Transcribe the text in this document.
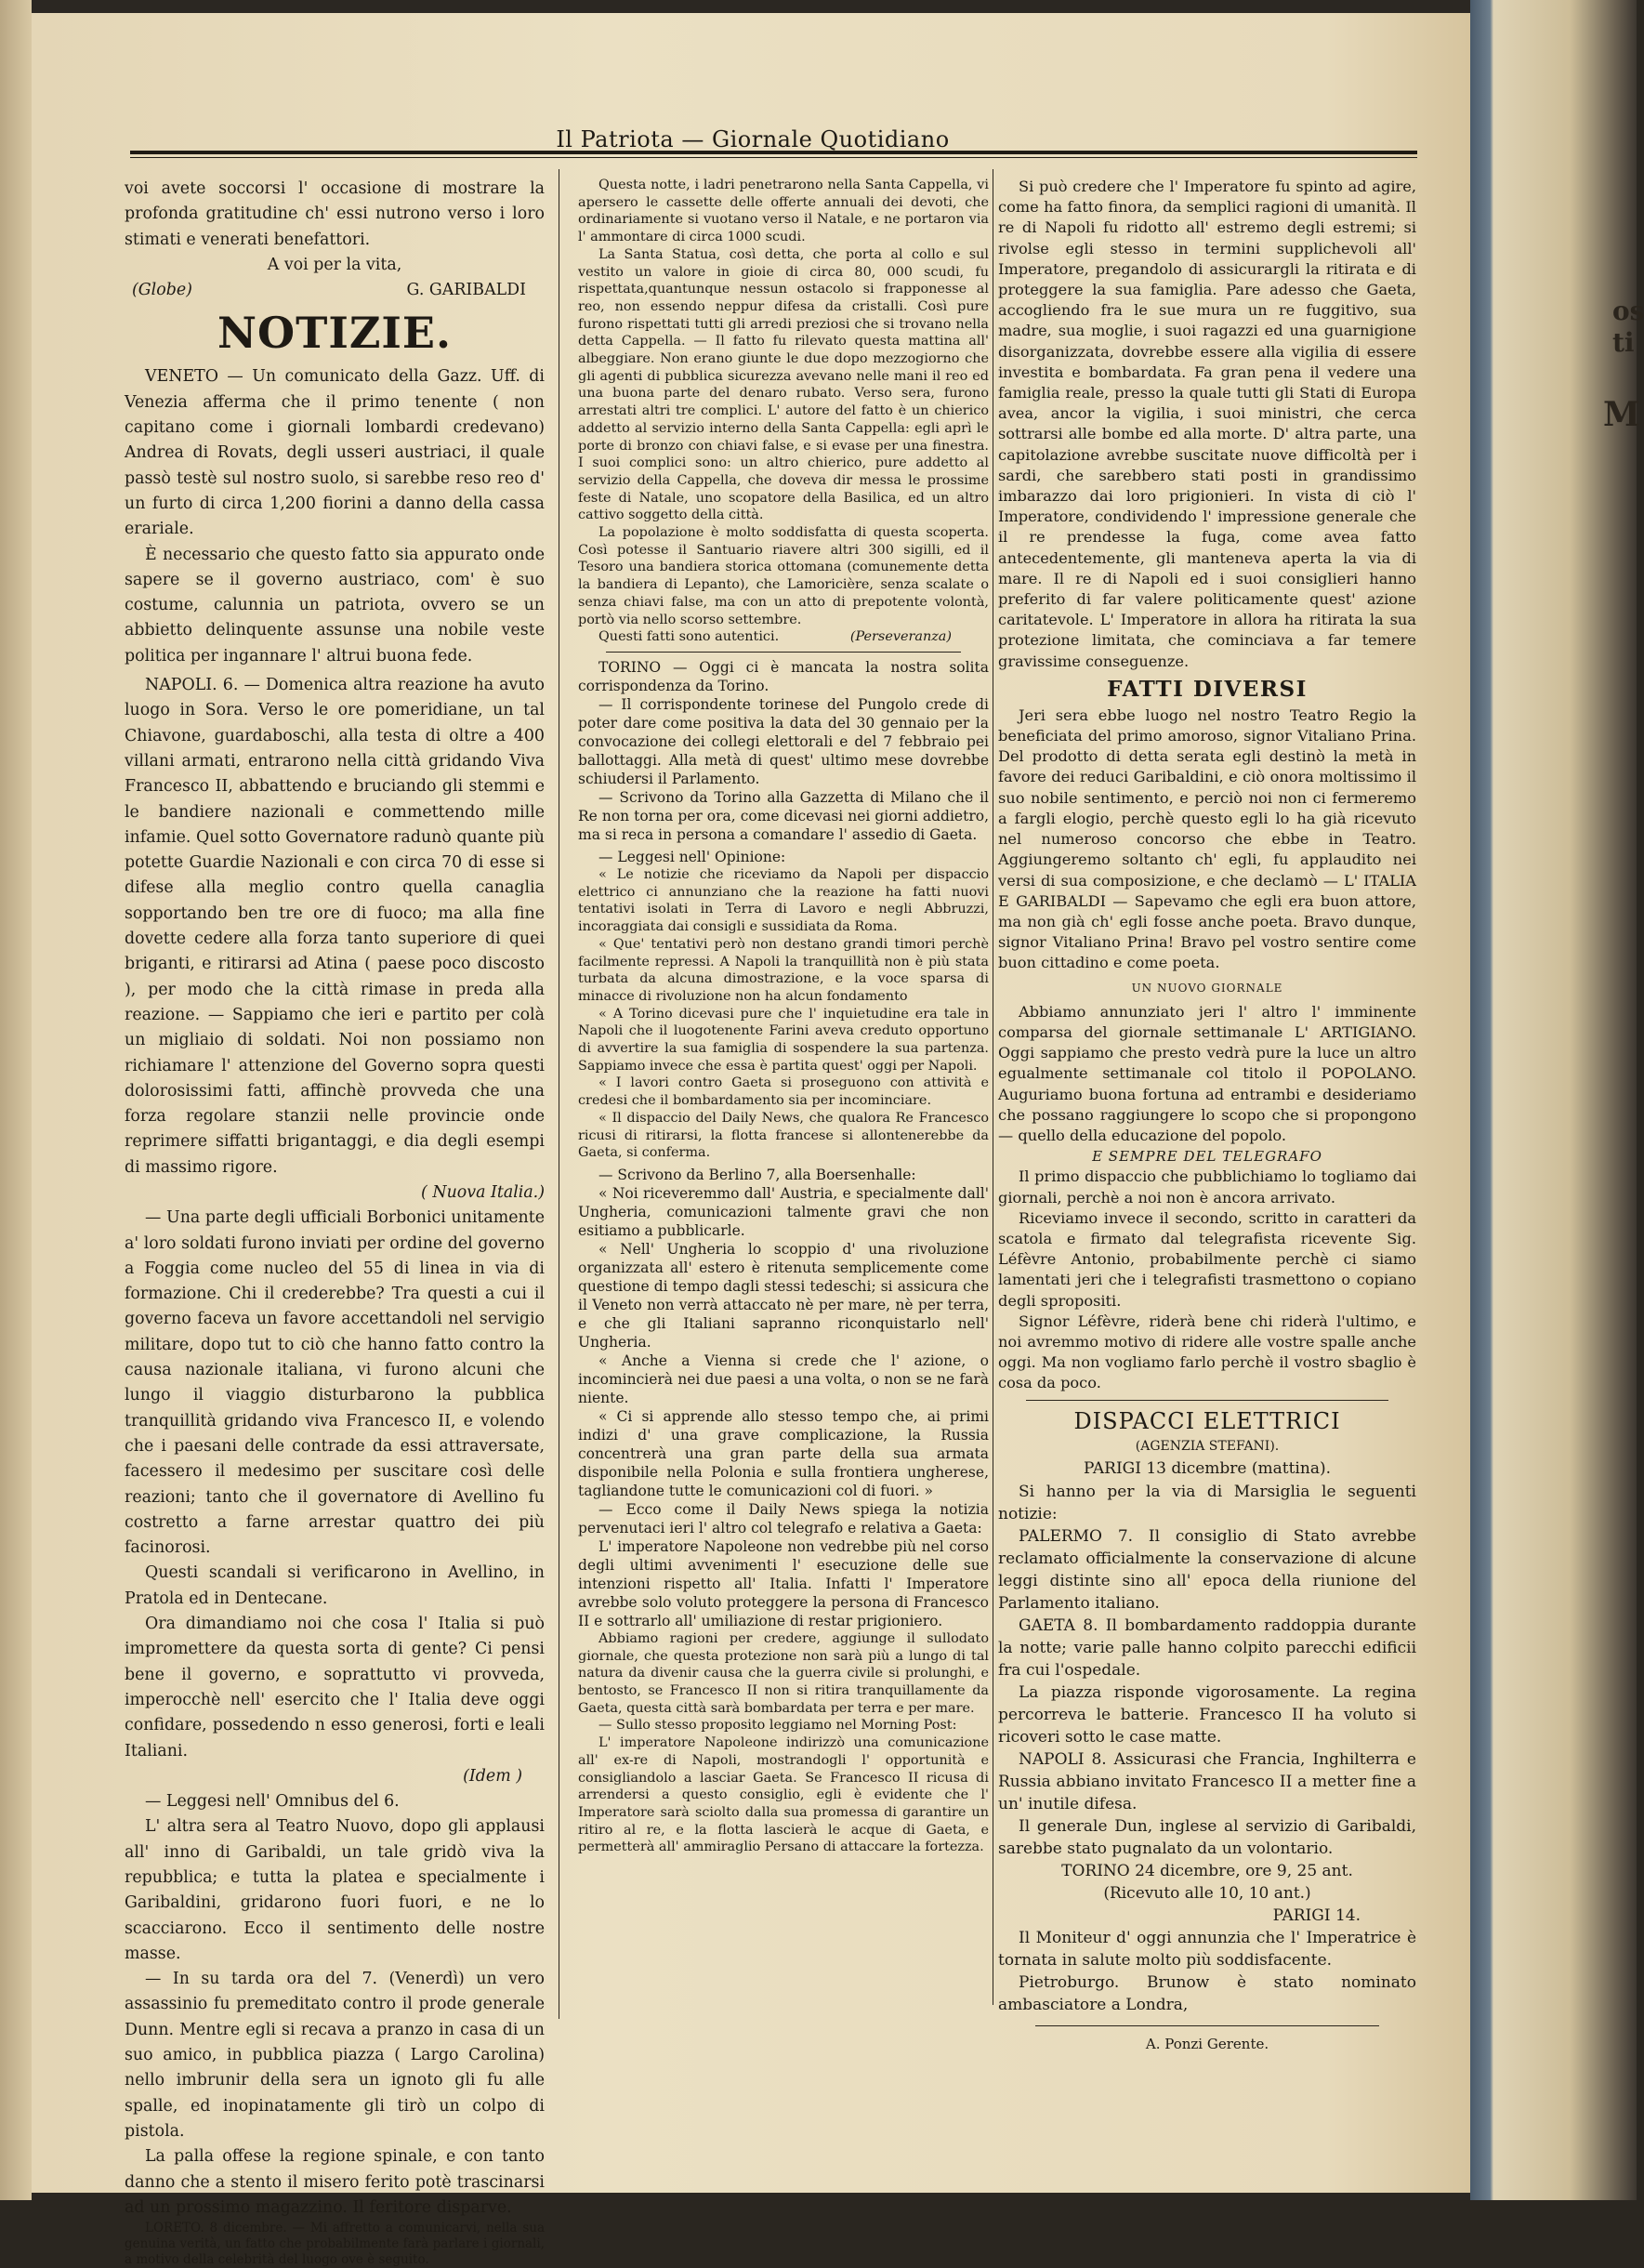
os
ti
M
Il Patriota — Giornale Quotidiano

voi avete soccorsi l' occasione di mostrare la profonda gratitudine ch' essi nutrono verso i loro stimati e venerati benefattori.

A voi per la vita,

(Globe)	G. GARIBALDI

NOTIZIE.

VENETO — Un comunicato della Gazz. Uff. di Venezia afferma che il primo tenente ( non capitano come i giornali lombardi credevano) Andrea di Rovats, degli usseri austriaci, il quale passò testè sul nostro suolo, si sarebbe reso reo d' un furto di circa 1,200 fiorini a danno della cassa erariale.

È necessario che questo fatto sia appurato onde sapere se il governo austriaco, com' è suo costume, calunnia un patriota, ovvero se un abbietto delinquente assunse una nobile veste politica per ingannare l' altrui buona fede.

NAPOLI. 6. — Domenica altra reazione ha avuto luogo in Sora. Verso le ore pomeridiane, un tal Chiavone, guardaboschi, alla testa di oltre a 400 villani armati, entrarono nella città gridando Viva Francesco II, abbattendo e bruciando gli stemmi e le bandiere nazionali e commettendo mille infamie. Quel sotto Governatore radunò quante più potette Guardie Nazionali e con circa 70 di esse si difese alla meglio contro quella canaglia sopportando ben tre ore di fuoco; ma alla fine dovette cedere alla forza tanto superiore di quei briganti, e ritirarsi ad Atina ( paese poco discosto ), per modo che la città rimase in preda alla reazione. — Sappiamo che ieri e partito per colà un migliaio di soldati. Noi non possiamo non richiamare l' attenzione del Governo sopra questi dolorosissimi fatti, affinchè provveda che una forza regolare stanzii nelle provincie onde reprimere siffatti brigantaggi, e dia degli esempi di massimo rigore.

( Nuova Italia.)

— Una parte degli ufficiali Borbonici unitamente a' loro soldati furono inviati per ordine del governo a Foggia come nucleo del 55 di linea in via di formazione. Chi il crederebbe? Tra questi a cui il governo faceva un favore accettandoli nel servigio militare, dopo tut to ciò che hanno fatto contro la causa nazionale italiana, vi furono alcuni che lungo il viaggio disturbarono la pubblica tranquillità gridando viva Francesco II, e volendo che i paesani delle contrade da essi attraversate, facessero il medesimo per suscitare così delle reazioni; tanto che il governatore di Avellino fu costretto a farne arrestar quattro dei più facinorosi.

Questi scandali si verificarono in Avellino, in Pratola ed in Dentecane.

Ora dimandiamo noi che cosa l' Italia si può impromettere da questa sorta di gente? Ci pensi bene il governo, e soprattutto vi provveda, imperocchè nell' esercito che l' Italia deve oggi confidare, possedendo n esso generosi, forti e leali Italiani.

(Idem )

— Leggesi nell' Omnibus del 6.

L' altra sera al Teatro Nuovo, dopo gli applausi all' inno di Garibaldi, un tale gridò viva la repubblica; e tutta la platea e specialmente i Garibaldini, gridarono fuori fuori, e ne lo scacciarono. Ecco il sentimento delle nostre masse.

— In su tarda ora del 7. (Venerdì) un vero assassinio fu premeditato contro il prode generale Dunn. Mentre egli si recava a pranzo in casa di un suo amico, in pubblica piazza ( Largo Carolina) nello imbrunir della sera un ignoto gli fu alle spalle, ed inopinatamente gli tirò un colpo di pistola.

La palla offese la regione spinale, e con tanto danno che a stento il misero ferito potè trascinarsi ad un prossimo magazzino. Il feritore disparve.

LORETO. 8 dicembre. — Mi affretto a comunicarvi, nella sua genuina verità, un fatto che probabilmente farà parlare i giornali, a motivo della celebrità del luogo ove è seguito.

Questa notte, i ladri penetrarono nella Santa Cappella, vi apersero le cassette delle offerte annuali dei devoti, che ordinariamente si vuotano verso il Natale, e ne portaron via l' ammontare di circa 1000 scudi.

La Santa Statua, così detta, che porta al collo e sul vestito un valore in gioie di circa 80, 000 scudi, fu rispettata,quantunque nessun ostacolo si frapponesse al reo, non essendo neppur difesa da cristalli. Così pure furono rispettati tutti gli arredi preziosi che si trovano nella detta Cappella. — Il fatto fu rilevato questa mattina all' albeggiare. Non erano giunte le due dopo mezzogiorno che gli agenti di pubblica sicurezza avevano nelle mani il reo ed una buona parte del denaro rubato. Verso sera, furono arrestati altri tre complici. L' autore del fatto è un chierico addetto al servizio interno della Santa Cappella: egli aprì le porte di bronzo con chiavi false, e si evase per una finestra. I suoi complici sono: un altro chierico, pure addetto al servizio della Cappella, che doveva dir messa le prossime feste di Natale, uno scopatore della Basilica, ed un altro cattivo soggetto della città.

La popolazione è molto soddisfatta di questa scoperta. Così potesse il Santuario riavere altri 300 sigilli, ed il Tesoro una bandiera storica ottomana (comunemente detta la bandiera di Lepanto), che Lamoricière, senza scalate o senza chiavi false, ma con un atto di prepotente volontà, portò via nello scorso settembre.

Questi fatti sono autentici.	(Perseveranza)

TORINO — Oggi ci è mancata la nostra solita corrispondenza da Torino.

— Il corrispondente torinese del Pungolo crede di poter dare come positiva la data del 30 gennaio per la convocazione dei collegi elettorali e del 7 febbraio pei ballottaggi. Alla metà di quest' ultimo mese dovrebbe schiudersi il Parlamento.

— Scrivono da Torino alla Gazzetta di Milano che il Re non torna per ora, come dicevasi nei giorni addietro, ma si reca in persona a comandare l' assedio di Gaeta.

— Leggesi nell' Opinione:

« Le notizie che riceviamo da Napoli per dispaccio elettrico ci annunziano che la reazione ha fatti nuovi tentativi isolati in Terra di Lavoro e negli Abbruzzi, incoraggiata dai consigli e sussidiata da Roma.

« Que' tentativi però non destano grandi timori perchè facilmente repressi. A Napoli la tranquillità non è più stata turbata da alcuna dimostrazione, e la voce sparsa di minacce di rivoluzione non ha alcun fondamento

« A Torino dicevasi pure che l' inquietudine era tale in Napoli che il luogotenente Farini aveva creduto opportuno di avvertire la sua famiglia di sospendere la sua partenza. Sappiamo invece che essa è partita quest' oggi per Napoli.

« I lavori contro Gaeta si proseguono con attività e credesi che il bombardamento sia per incominciare.

« Il dispaccio del Daily News, che qualora Re Francesco ricusi di ritirarsi, la flotta francese si allontenerebbe da Gaeta, si conferma.

— Scrivono da Berlino 7, alla Boersenhalle:

« Noi riceveremmo dall' Austria, e specialmente dall' Ungheria, comunicazioni talmente gravi che non esitiamo a pubblicarle.

« Nell' Ungheria lo scoppio d' una rivoluzione organizzata all' estero è ritenuta semplicemente come questione di tempo dagli stessi tedeschi; si assicura che il Veneto non verrà attaccato nè per mare, nè per terra, e che gli Italiani sapranno riconquistarlo nell' Ungheria.

« Anche a Vienna si crede che l' azione, o incomincierà nei due paesi a una volta, o non se ne farà niente.

« Ci si apprende allo stesso tempo che, ai primi indizi d' una grave complicazione, la Russia concentrerà una gran parte della sua armata disponibile nella Polonia e sulla frontiera ungherese, tagliandone tutte le comunicazioni col di fuori. »

— Ecco come il Daily News spiega la notizia pervenutaci ieri l' altro col telegrafo e relativa a Gaeta:

L' imperatore Napoleone non vedrebbe più nel corso degli ultimi avvenimenti l' esecuzione delle sue intenzioni rispetto all' Italia. Infatti l' Imperatore avrebbe solo voluto proteggere la persona di Francesco II e sottrarlo all' umiliazione di restar prigioniero.

Abbiamo ragioni per credere, aggiunge il sullodato giornale, che questa protezione non sarà più a lungo di tal natura da divenir causa che la guerra civile si prolunghi, e bentosto, se Francesco II non si ritira tranquillamente da Gaeta, questa città sarà bombardata per terra e per mare.

— Sullo stesso proposito leggiamo nel Morning Post:

L' imperatore Napoleone indirizzò una comunicazione all' ex-re di Napoli, mostrandogli l' opportunità e consigliandolo a lasciar Gaeta. Se Francesco II ricusa di arrendersi a questo consiglio, egli è evidente che l' Imperatore sarà sciolto dalla sua promessa di garantire un ritiro al re, e la flotta lascierà le acque di Gaeta, e permetterà all' ammiraglio Persano di attaccare la fortezza.

Si può credere che l' Imperatore fu spinto ad agire, come ha fatto finora, da semplici ragioni di umanità. Il re di Napoli fu ridotto all' estremo degli estremi; si rivolse egli stesso in termini supplichevoli all' Imperatore, pregandolo di assicurargli la ritirata e di proteggere la sua famiglia. Pare adesso che Gaeta, accogliendo fra le sue mura un re fuggitivo, sua madre, sua moglie, i suoi ragazzi ed una guarnigione disorganizzata, dovrebbe essere alla vigilia di essere investita e bombardata. Fa gran pena il vedere una famiglia reale, presso la quale tutti gli Stati di Europa avea, ancor la vigilia, i suoi ministri, che cerca sottrarsi alle bombe ed alla morte. D' altra parte, una capitolazione avrebbe suscitate nuove difficoltà per i sardi, che sarebbero stati posti in grandissimo imbarazzo dai loro prigionieri. In vista di ciò l' Imperatore, condividendo l' impressione generale che il re prendesse la fuga, come avea fatto antecedentemente, gli manteneva aperta la via di mare. Il re di Napoli ed i suoi consiglieri hanno preferito di far valere politicamente quest' azione caritatevole. L' Imperatore in allora ha ritirata la sua protezione limitata, che cominciava a far temere gravissime conseguenze.

FATTI DIVERSI

Jeri sera ebbe luogo nel nostro Teatro Regio la beneficiata del primo amoroso, signor Vitaliano Prina. Del prodotto di detta serata egli destinò la metà in favore dei reduci Garibaldini, e ciò onora moltissimo il suo nobile sentimento, e perciò noi non ci fermeremo a fargli elogio, perchè questo egli lo ha già ricevuto nel numeroso concorso che ebbe in Teatro. Aggiungeremo soltanto ch' egli, fu applaudito nei versi di sua composizione, e che declamò — L' ITALIA E GARIBALDI — Sapevamo che egli era buon attore, ma non già ch' egli fosse anche poeta. Bravo dunque, signor Vitaliano Prina! Bravo pel vostro sentire come buon cittadino e come poeta.

UN NUOVO GIORNALE

Abbiamo annunziato jeri l' altro l' imminente comparsa del giornale settimanale L' ARTIGIANO. Oggi sappiamo che presto vedrà pure la luce un altro egualmente settimanale col titolo il POPOLANO. Auguriamo buona fortuna ad entrambi e desideriamo che possano raggiungere lo scopo che si propongono — quello della educazione del popolo.

E SEMPRE DEL TELEGRAFO

Il primo dispaccio che pubblichiamo lo togliamo dai giornali, perchè a noi non è ancora arrivato.

Riceviamo invece il secondo, scritto in caratteri da scatola e firmato dal telegrafista ricevente Sig. Léfèvre Antonio, probabilmente perchè ci siamo lamentati jeri che i telegrafisti trasmettono o copiano degli spropositi.

Signor Léfèvre, riderà bene chi riderà l'ultimo, e noi avremmo motivo di ridere alle vostre spalle anche oggi. Ma non vogliamo farlo perchè il vostro sbaglio è cosa da poco.

DISPACCI ELETTRICI

(AGENZIA STEFANI).

PARIGI 13 dicembre (mattina).

Si hanno per la via di Marsiglia le seguenti notizie:

PALERMO 7. Il consiglio di Stato avrebbe reclamato officialmente la conservazione di alcune leggi distinte sino all' epoca della riunione del Parlamento italiano.

GAETA 8. Il bombardamento raddoppia durante la notte; varie palle hanno colpito parecchi edificii fra cui l'ospedale.

La piazza risponde vigorosamente. La regina percorreva le batterie. Francesco II ha voluto si ricoveri sotto le case matte.

NAPOLI 8. Assicurasi che Francia, Inghilterra e Russia abbiano invitato Francesco II a metter fine a un' inutile difesa.

Il generale Dun, inglese al servizio di Garibaldi, sarebbe stato pugnalato da un volontario.

TORINO 24 dicembre, ore 9, 25 ant.

(Ricevuto alle 10, 10 ant.)

PARIGI 14.

Il Moniteur d' oggi annunzia che l' Imperatrice è tornata in salute molto più soddisfacente.

Pietroburgo. Brunow è stato nominato ambasciatore a Londra,

A. Ponzi Gerente.
